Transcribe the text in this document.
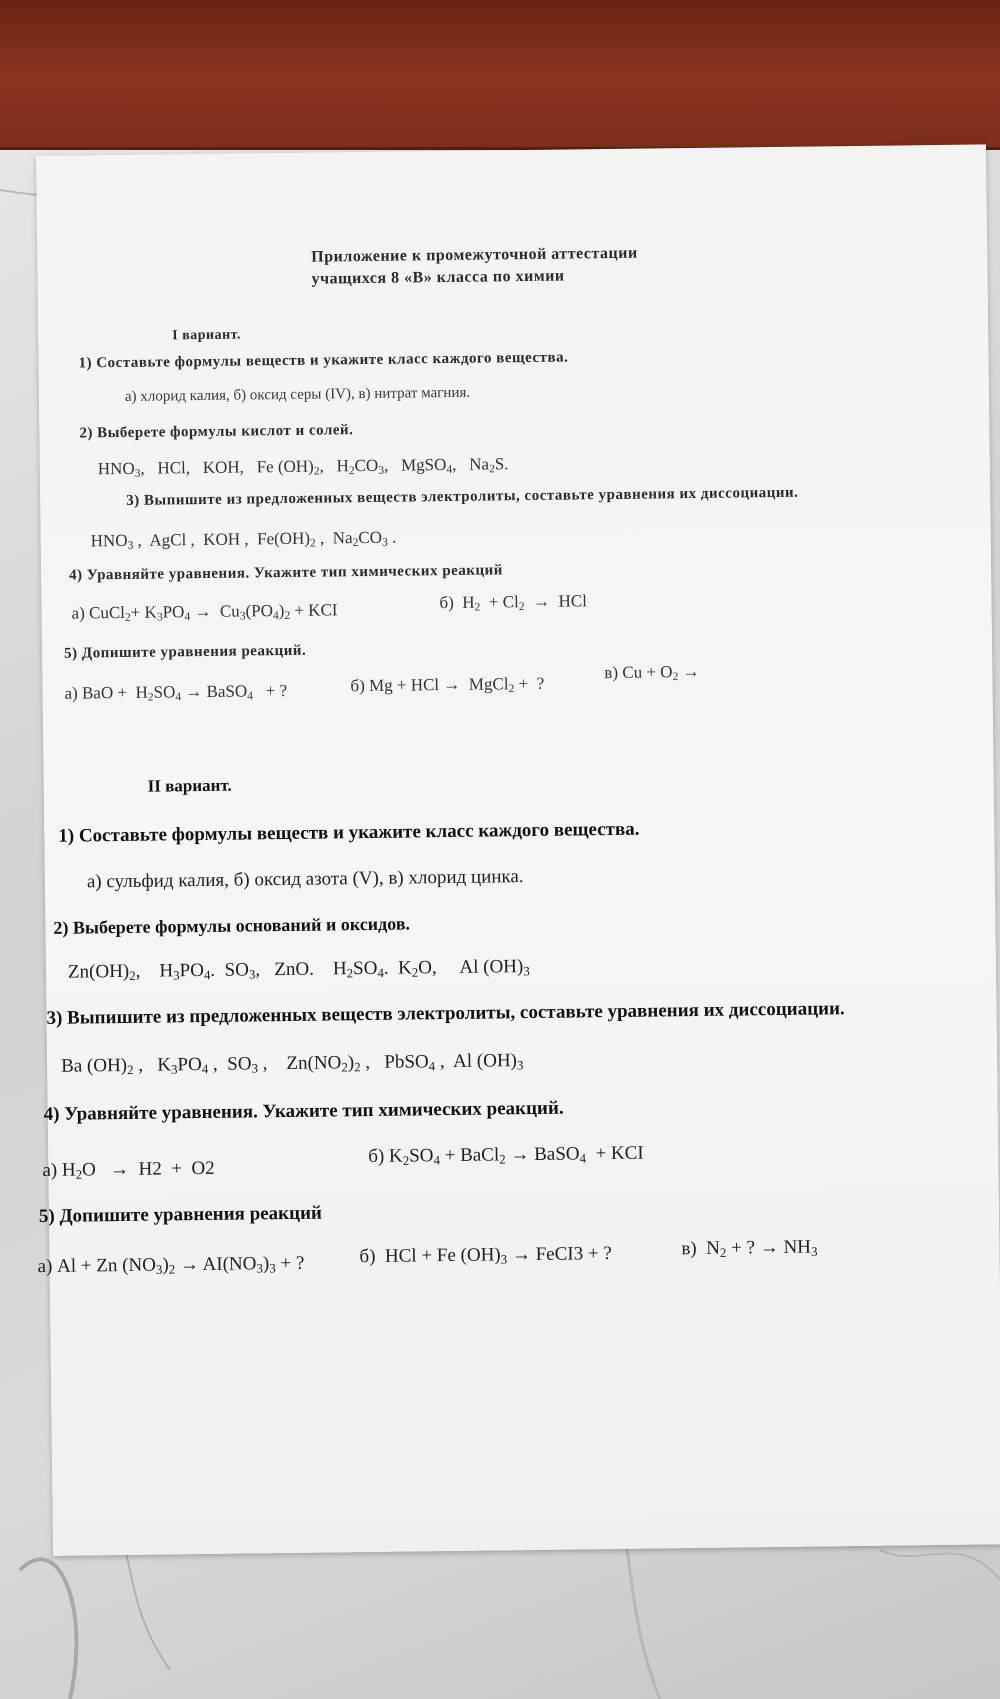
Приложение к промежуточной аттестации
учащихся 8 «В» класса по химии
I вариант.
1) Составьте формулы веществ и укажите класс каждого вещества.
а) хлорид калия, б) оксид серы (IV), в) нитрат магния.
2) Выберете формулы кислот и солей.
$HNO_3$, HCl, KOH, Fe $(OH)_2$, $H_2CO_3$, MgSO$_4$, $Na_2S$.
3) Выпишите из предложенных веществ электролиты, составьте уравнения их диссоциации.
$HNO_3$ , AgCl , KOH , $Fe(OH)_2$ , $Na_2CO_3$ .
4) Уравняйте уравнения. Укажите тип химических реакций
а) CuCl$_2$+ $K_3PO_4 \to Cu_3(PO_4)_2$ + KCI	б)  $H_2 + Cl_2$  →  HCl
5) Допишите уравнения реакций.
а) BaO +  $H_2SO_4$ → BaSO$_4$   + ?	б) Mg + HCl →  MgCl$_2$ +  ?
в) $Cu + O_2$ →
II вариант.
1) Составьте формулы веществ и укажите класс каждого вещества.
а) сульфид калия, б) оксид азота (V), в) хлорид цинка.
2) Выберете формулы оснований и оксидов.
$Zn(OH)_2$, $H_3PO_4$. $SO_3$, ZnO. $H_2SO_4$. $K_2O$, Al $(OH)_3$
3) Выпишите из предложенных веществ электролиты, составьте уравнения их диссоциации.
Ba $(OH)_2$ , $K_3PO_4$ , $SO_3$ , $Zn(NO_2)_2$ , PbSO$_4$ , Al $(OH)_3$
4) Уравняйте уравнения. Укажите тип химических реакций.
а) $H_2O \to H2 + O2$
б) $K_2SO_4$ + BaCl$_2$ → BaSO$_4$  + KCI
5) Допишите уравнения реакций
а) Al + Zn $(NO_3)_2 \to AI(NO_3)_3$ + ?	б)  HCl + Fe $(OH)_3$ → FeCI3 + ?	в)  $N_2$ + ? → $NH_3$
